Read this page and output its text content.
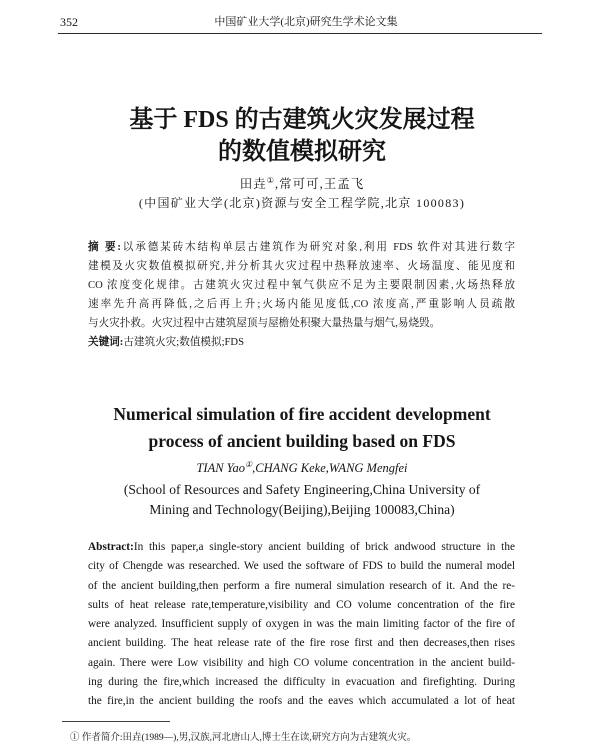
352	中国矿业大学(北京)研究生学术论文集
基于 FDS 的古建筑火灾发展过程
的数值模拟研究
田垚①,常可可,王孟飞
(中国矿业大学(北京)资源与安全工程学院,北京 100083)
摘 要:以承德某砖木结构单层古建筑作为研究对象,利用 FDS 软件对其进行数字
建模及火灾数值模拟研究,并分析其火灾过程中热释放速率、火场温度、能见度和
CO 浓度变化规律。古建筑火灾过程中氧气供应不足为主要限制因素,火场热释放
速率先升高再降低,之后再上升;火场内能见度低,CO 浓度高,严重影响人员疏散
与火灾扑救。火灾过程中古建筑屋顶与屋檐处积聚大量热量与烟气,易烧毁。
关键词:古建筑火灾;数值模拟;FDS
Numerical simulation of fire accident development
process of ancient building based on FDS
TIAN Yao①,CHANG Keke,WANG Mengfei
(School of Resources and Safety Engineering,China University of
Mining and Technology(Beijing),Beijing 100083,China)
Abstract:In this paper,a single-story ancient building of brick andwood structure in the
city of Chengde was researched. We used the software of FDS to build the numeral model
of the ancient building,then perform a fire numeral simulation research of it. And the re-
sults of heat release rate,temperature,visibility and CO volume concentration of the fire
were analyzed. Insufficient supply of oxygen in was the main limiting factor of the fire of
ancient building. The heat release rate of the fire rose first and then decreases,then rises
again. There were Low visibility and high CO volume concentration in the ancient build-
ing during the fire,which increased the difficulty in evacuation and firefighting. During
the fire,in the ancient building the roofs and the eaves which accumulated a lot of heat
① 作者简介:田垚(1989—),男,汉族,河北唐山人,博士生在读,研究方向为古建筑火灾。
